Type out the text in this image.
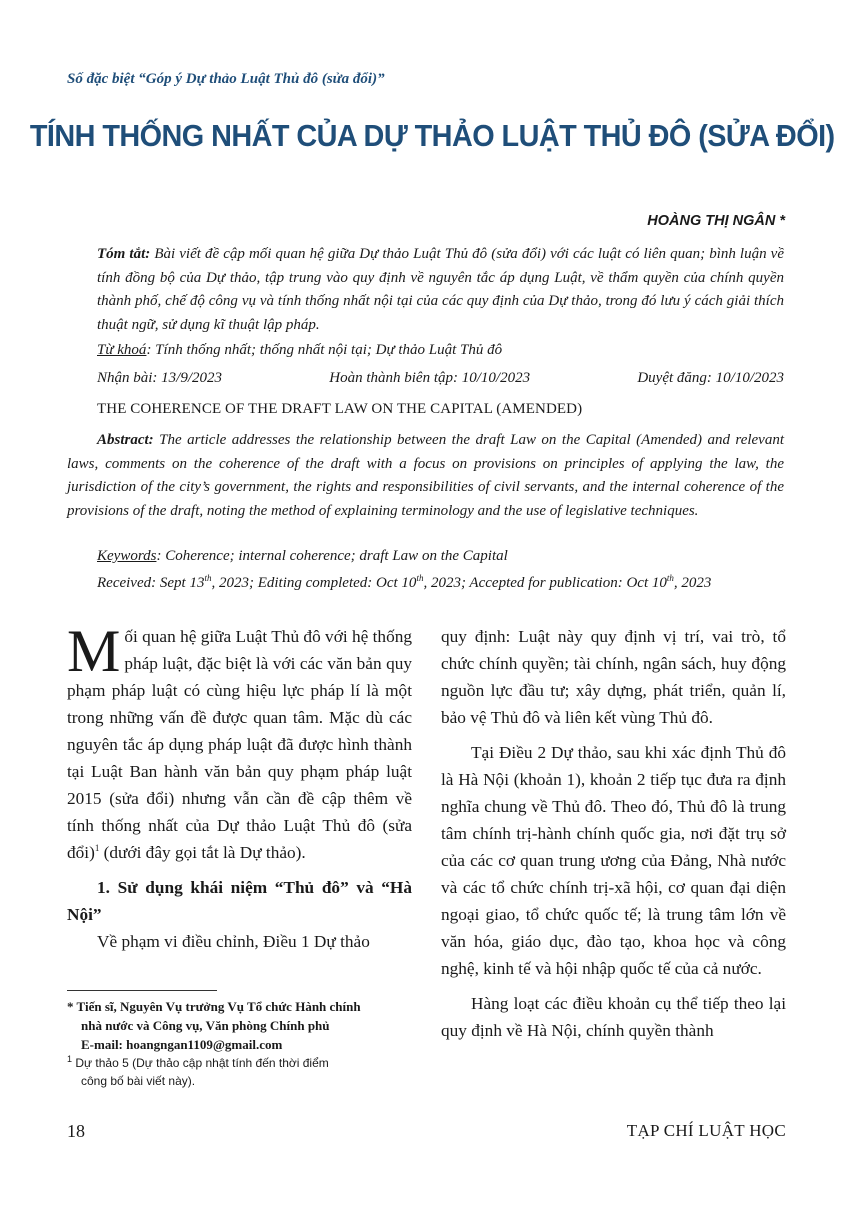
Số đặc biệt “Góp ý Dự thảo Luật Thủ đô (sửa đổi)”
TÍNH THỐNG NHẤT CỦA DỰ THẢO LUẬT THỦ ĐÔ (SỬA ĐỔI)
HOÀNG THỊ NGÂN *
Tóm tắt: Bài viết đề cập mối quan hệ giữa Dự thảo Luật Thủ đô (sửa đổi) với các luật có liên quan; bình luận về tính đồng bộ của Dự thảo, tập trung vào quy định về nguyên tắc áp dụng Luật, về thẩm quyền của chính quyền thành phố, chế độ công vụ và tính thống nhất nội tại của các quy định của Dự thảo, trong đó lưu ý cách giải thích thuật ngữ, sử dụng kĩ thuật lập pháp.
Từ khoá: Tính thống nhất; thống nhất nội tại; Dự thảo Luật Thủ đô
Nhận bài: 13/9/2023	Hoàn thành biên tập: 10/10/2023	Duyệt đăng: 10/10/2023
THE COHERENCE OF THE DRAFT LAW ON THE CAPITAL (AMENDED)
Abstract: The article addresses the relationship between the draft Law on the Capital (Amended) and relevant laws, comments on the coherence of the draft with a focus on provisions on principles of applying the law, the jurisdiction of the city’s government, the rights and responsibilities of civil servants, and the internal coherence of the provisions of the draft, noting the method of explaining terminology and the use of legislative techniques.
Keywords: Coherence; internal coherence; draft Law on the Capital
Received: Sept 13th, 2023; Editing completed: Oct 10th, 2023; Accepted for publication: Oct 10th, 2023

Mối quan hệ giữa Luật Thủ đô với hệ thống pháp luật, đặc biệt là với các văn bản quy phạm pháp luật có cùng hiệu lực pháp lí là một trong những vấn đề được quan tâm. Mặc dù các nguyên tắc áp dụng pháp luật đã được hình thành tại Luật Ban hành văn bản quy phạm pháp luật 2015 (sửa đổi) nhưng vẫn cần đề cập thêm về tính thống nhất của Dự thảo Luật Thủ đô (sửa đổi)$^1$ (dưới đây gọi tắt là Dự thảo).

1. Sử dụng khái niệm “Thủ đô” và “Hà Nội”

Về phạm vi điều chỉnh, Điều 1 Dự thảo

* Tiến sĩ, Nguyên Vụ trưởng Vụ Tổ chức Hành chính
nhà nước và Công vụ, Văn phòng Chính phủ
E-mail: hoangngan1109@gmail.com
$^1$ Dự thảo 5 (Dự thảo cập nhật tính đến thời điểm
công bố bài viết này).

quy định: Luật này quy định vị trí, vai trò, tổ chức chính quyền; tài chính, ngân sách, huy động nguồn lực đầu tư; xây dựng, phát triển, quản lí, bảo vệ Thủ đô và liên kết vùng Thủ đô.

Tại Điều 2 Dự thảo, sau khi xác định Thủ đô là Hà Nội (khoản 1), khoản 2 tiếp tục đưa ra định nghĩa chung về Thủ đô. Theo đó, Thủ đô là trung tâm chính trị-hành chính quốc gia, nơi đặt trụ sở của các cơ quan trung ương của Đảng, Nhà nước và các tổ chức chính trị-xã hội, cơ quan đại diện ngoại giao, tổ chức quốc tế; là trung tâm lớn về văn hóa, giáo dục, đào tạo, khoa học và công nghệ, kinh tế và hội nhập quốc tế của cả nước.

Hàng loạt các điều khoản cụ thể tiếp theo lại quy định về Hà Nội, chính quyền thành

18	TẠP CHÍ LUẬT HỌC
